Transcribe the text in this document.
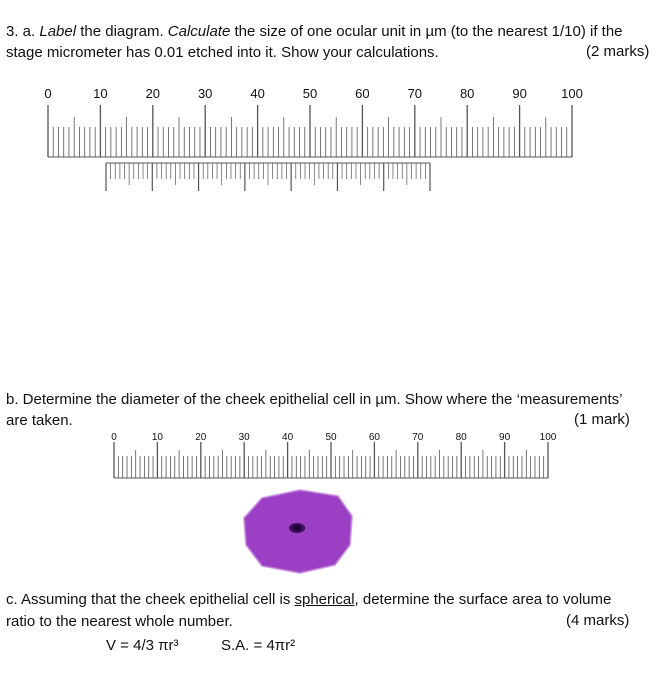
3. a. Label the diagram. Calculate the size of one ocular unit in µm (to the nearest 1/10) if the
stage micrometer has 0.01 etched into it. Show your calculations.	(2 marks)
0	10	20	30	40	50	60	70	80	90	100
0	10	20	30	40	50	60	70	80	90	100
b. Determine the diameter of the cheek epithelial cell in µm. Show where the ‘measurements’
are taken.	(1 mark)
c. Assuming that the cheek epithelial cell is spherical, determine the surface area to volume
ratio to the nearest whole number.	(4 marks)
V = 4/3 πr³	S.A. = 4πr²
